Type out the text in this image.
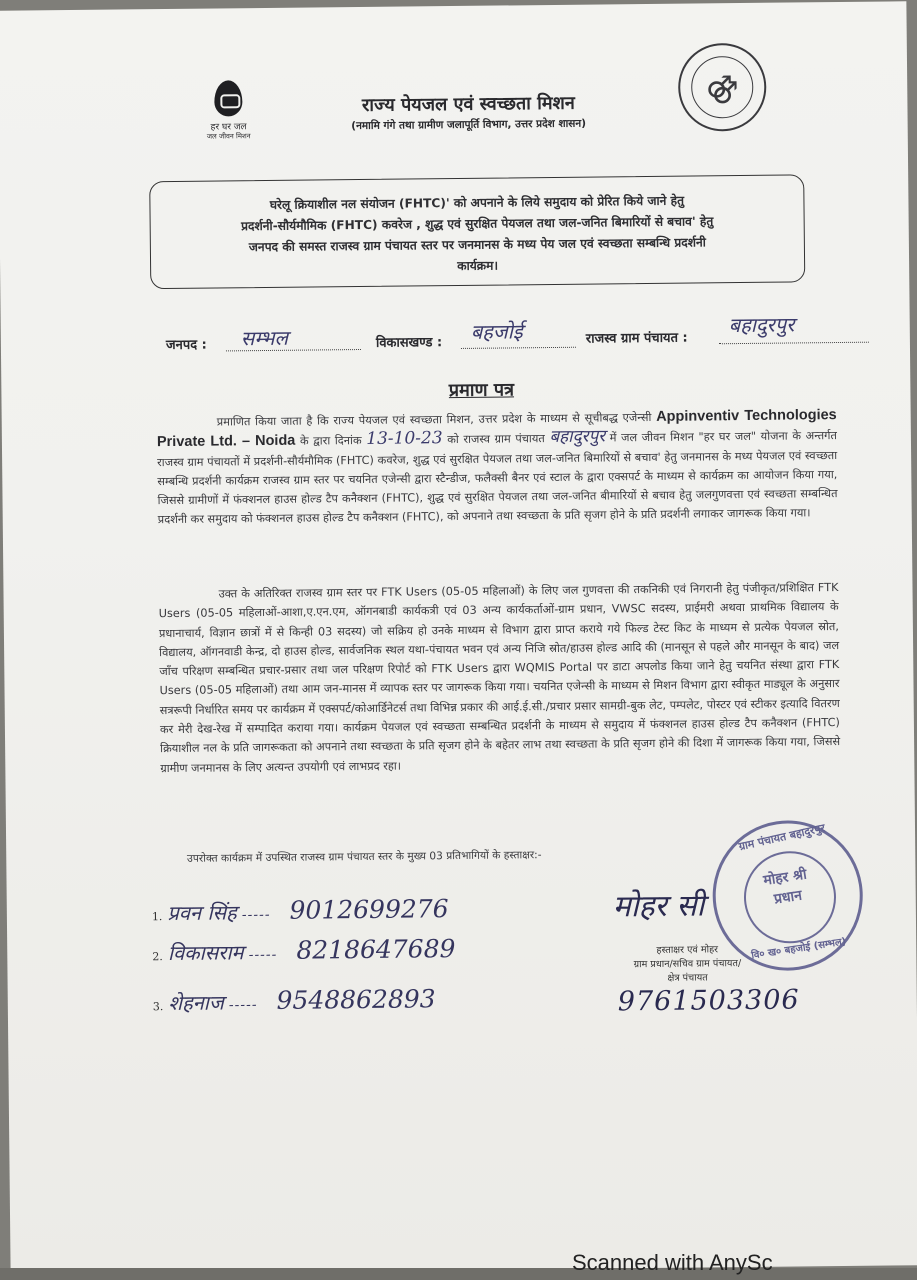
हर घर जल
जल जीवन मिशन
⚣
राज्य पेयजल एवं स्वच्छता मिशन
(नमामि गंगे तथा ग्रामीण जलापूर्ति विभाग, उत्तर प्रदेश शासन)
घरेलू क्रियाशील नल संयोजन (FHTC)' को अपनाने के लिये समुदाय को प्रेरित किये जाने हेतु
प्रदर्शनी-सौर्यमौमिक (FHTC) कवरेज , शुद्ध एवं सुरक्षित पेयजल तथा जल-जनित बिमारियों से बचाव' हेतु
जनपद की समस्त राजस्व ग्राम पंचायत स्तर पर जनमानस के मध्य पेय जल एवं स्वच्छता सम्बन्धि प्रदर्शनी
कार्यक्रम।
जनपद : सम्भल	विकासखण्ड : बहजोई	राजस्व ग्राम पंचायत :
बहादुरपुर
प्रमाण पत्र
प्रमाणित किया जाता है कि राज्य पेयजल एवं स्वच्छता मिशन, उत्तर प्रदेश के माध्यम से सूचीबद्ध एजेन्सी Appinventiv Technologies Private Ltd. – Noida के द्वारा दिनांक 13-10-23 को राजस्व ग्राम पंचायत बहादुरपुर में जल जीवन मिशन "हर घर जल" योजना के अन्तर्गत राजस्व ग्राम पंचायतों में प्रदर्शनी-सौर्यमौमिक (FHTC) कवरेज, शुद्ध एवं सुरक्षित पेयजल तथा जल-जनित बिमारियों से बचाव' हेतु जनमानस के मध्य पेयजल एवं स्वच्छता सम्बन्धि प्रदर्शनी कार्यक्रम राजस्व ग्राम स्तर पर चयनित एजेन्सी द्वारा स्टैन्डीज, फलैक्सी बैनर एवं स्टाल के द्वारा एक्सपर्ट के माध्यम से कार्यक्रम का आयोजन किया गया, जिससे ग्रामीणों में फंक्शनल हाउस होल्ड टैप कनैक्शन (FHTC), शुद्ध एवं सुरक्षित पेयजल तथा जल-जनित बीमारियों से बचाव हेतु जलगुणवत्ता एवं स्वच्छता सम्बन्धित प्रदर्शनी कर समुदाय को फंक्शनल हाउस होल्ड टैप कनैक्शन (FHTC), को अपनाने तथा स्वच्छता के प्रति सृजग होने के प्रति प्रदर्शनी लगाकर जागरूक किया गया।
उक्त के अतिरिक्त राजस्व ग्राम स्तर पर FTK Users (05-05 महिलाओं) के लिए जल गुणवत्ता की तकनिकी एवं निगरानी हेतु पंजीकृत/प्रशिक्षित FTK Users (05-05 महिलाओं-आशा,ए.एन.एम, ऑगनबाडी कार्यकत्री एवं 03 अन्य कार्यकर्ताओं-ग्राम प्रधान, VWSC सदस्य, प्राईमरी अथवा प्राथमिक विद्यालय के प्रधानाचार्य, विज्ञान छात्रों में से किन्ही 03 सदस्य) जो सक्रिय हो उनके माध्यम से विभाग द्वारा प्राप्त कराये गये फिल्ड टेस्ट किट के माध्यम से प्रत्येक पेयजल स्रोत, विद्यालय, ऑगनवाडी केन्द्र, दो हाउस होल्ड, सार्वजनिक स्थल यथा-पंचायत भवन एवं अन्य निजि स्रोत/हाउस होल्ड आदि की (मानसून से पहले और मानसून के बाद) जल जाँच परिक्षण सम्बन्धित प्रचार-प्रसार तथा जल परिक्षण रिपोर्ट को FTK Users द्वारा WQMIS Portal पर डाटा अपलोड किया जाने हेतु चयनित संस्था द्वारा FTK Users (05-05 महिलाओं) तथा आम जन-मानस में व्यापक स्तर पर जागरूक किया गया। चयनित एजेन्सी के माध्यम से मिशन विभाग द्वारा स्वीकृत माड्यूल के अनुसार सत्ररूपी निर्धारित समय पर कार्यक्रम में एक्सपर्ट/कोआर्डिनेटर्स तथा विभिन्न प्रकार की आई.ई.सी./प्रचार प्रसार सामग्री-बुक लेट, पम्पलेट, पोस्टर एवं स्टीकर इत्यादि वितरण कर मेरी देख-रेख में सम्पादित कराया गया। कार्यक्रम पेयजल एवं स्वच्छता सम्बन्धित प्रदर्शनी के माध्यम से समुदाय में फंक्शनल हाउस होल्ड टैप कनैक्शन (FHTC) क्रियाशील नल के प्रति जागरूकता को अपनाने तथा स्वच्छता के प्रति सृजग होने के बहेतर लाभ तथा स्वच्छता के प्रति सृजग होने की दिशा में जागरूक किया गया, जिससे ग्रामीण जनमानस के लिए अत्यन्त उपयोगी एवं लाभप्रद रहा।
उपरोक्त कार्यक्रम में उपस्थित राजस्व ग्राम पंचायत स्तर के मुख्य 03 प्रतिभागियों के हस्ताक्षर:-
1. प्रवन सिंह ----- 9012699276
2. विकासराम ----- 8218647689
3. शेहनाज ----- 9548862893
मोहर सी
हस्ताक्षर एवं मोहर
ग्राम प्रधान/सचिव ग्राम पंचायत/
क्षेत्र पंचायत
9761503306
ग्राम पंचायत बहादुरपुर
मोहर श्री
प्रधान
वि० ख० बहजोई (सम्भल)
Scanned with AnySc
